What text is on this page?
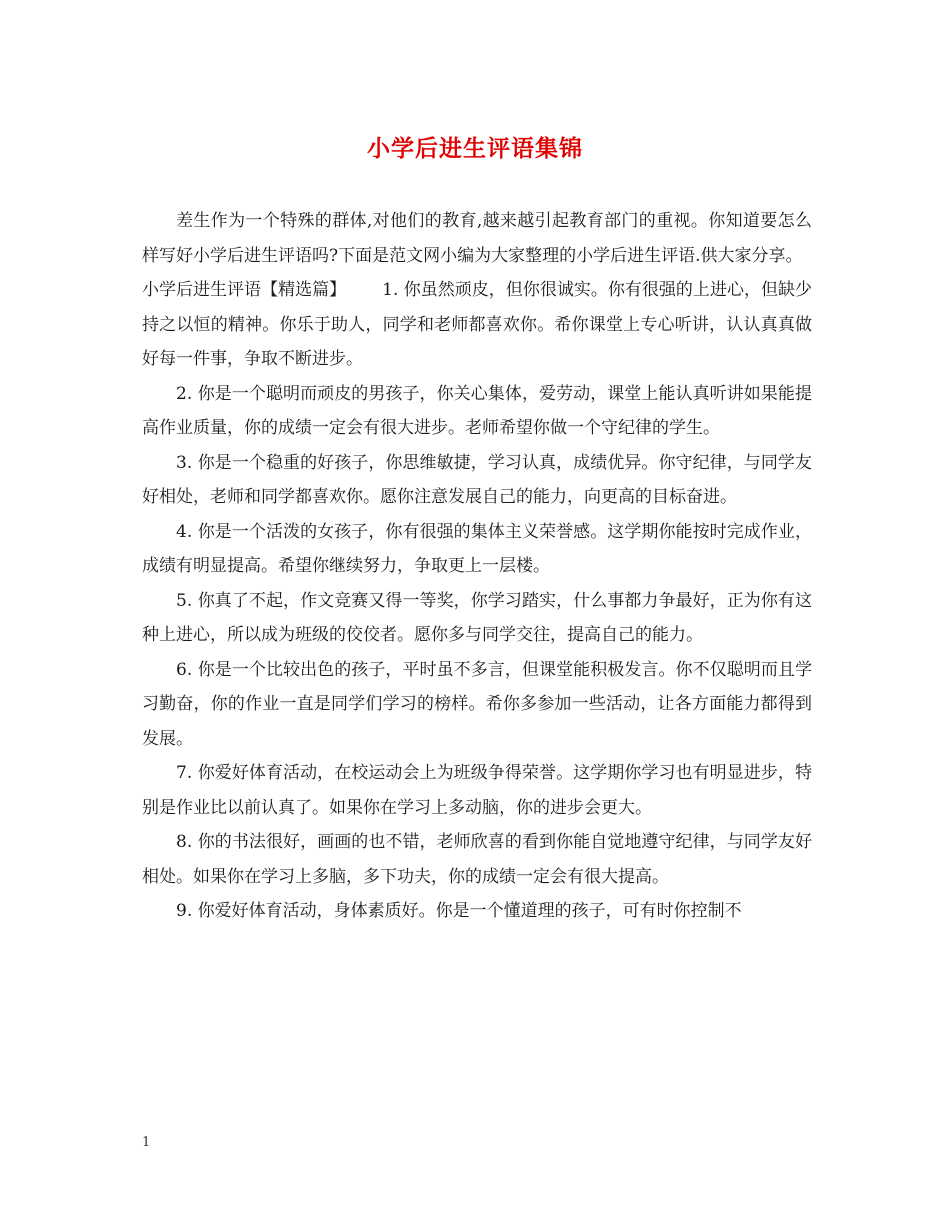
小学后进生评语集锦

差生作为一个特殊的群体,对他们的教育,越来越引起教育部门的重视。你知道要怎么样写好小学后进生评语吗?下面是范文网小编为大家整理的小学后进生评语.供大家分享。

小学后进生评语【精选篇】 1. 你虽然顽皮，但你很诚实。你有很强的上进心，但缺少持之以恒的精神。你乐于助人，同学和老师都喜欢你。希你课堂上专心听讲，认认真真做好每一件事，争取不断进步。

2. 你是一个聪明而顽皮的男孩子，你关心集体，爱劳动，课堂上能认真听讲如果能提高作业质量，你的成绩一定会有很大进步。老师希望你做一个守纪律的学生。

3. 你是一个稳重的好孩子，你思维敏捷，学习认真，成绩优异。你守纪律，与同学友好相处，老师和同学都喜欢你。愿你注意发展自己的能力，向更高的目标奋进。

4. 你是一个活泼的女孩子，你有很强的集体主义荣誉感。这学期你能按时完成作业，成绩有明显提高。希望你继续努力，争取更上一层楼。

5. 你真了不起，作文竞赛又得一等奖，你学习踏实，什么事都力争最好，正为你有这种上进心，所以成为班级的佼佼者。愿你多与同学交往，提高自己的能力。

6. 你是一个比较出色的孩子，平时虽不多言，但课堂能积极发言。你不仅聪明而且学习勤奋，你的作业一直是同学们学习的榜样。希你多参加一些活动，让各方面能力都得到发展。

7. 你爱好体育活动，在校运动会上为班级争得荣誉。这学期你学习也有明显进步，特别是作业比以前认真了。如果你在学习上多动脑，你的进步会更大。

8. 你的书法很好，画画的也不错，老师欣喜的看到你能自觉地遵守纪律，与同学友好相处。如果你在学习上多脑，多下功夫，你的成绩一定会有很大提高。

9. 你爱好体育活动，身体素质好。你是一个懂道理的孩子，可有时你控制不

1
